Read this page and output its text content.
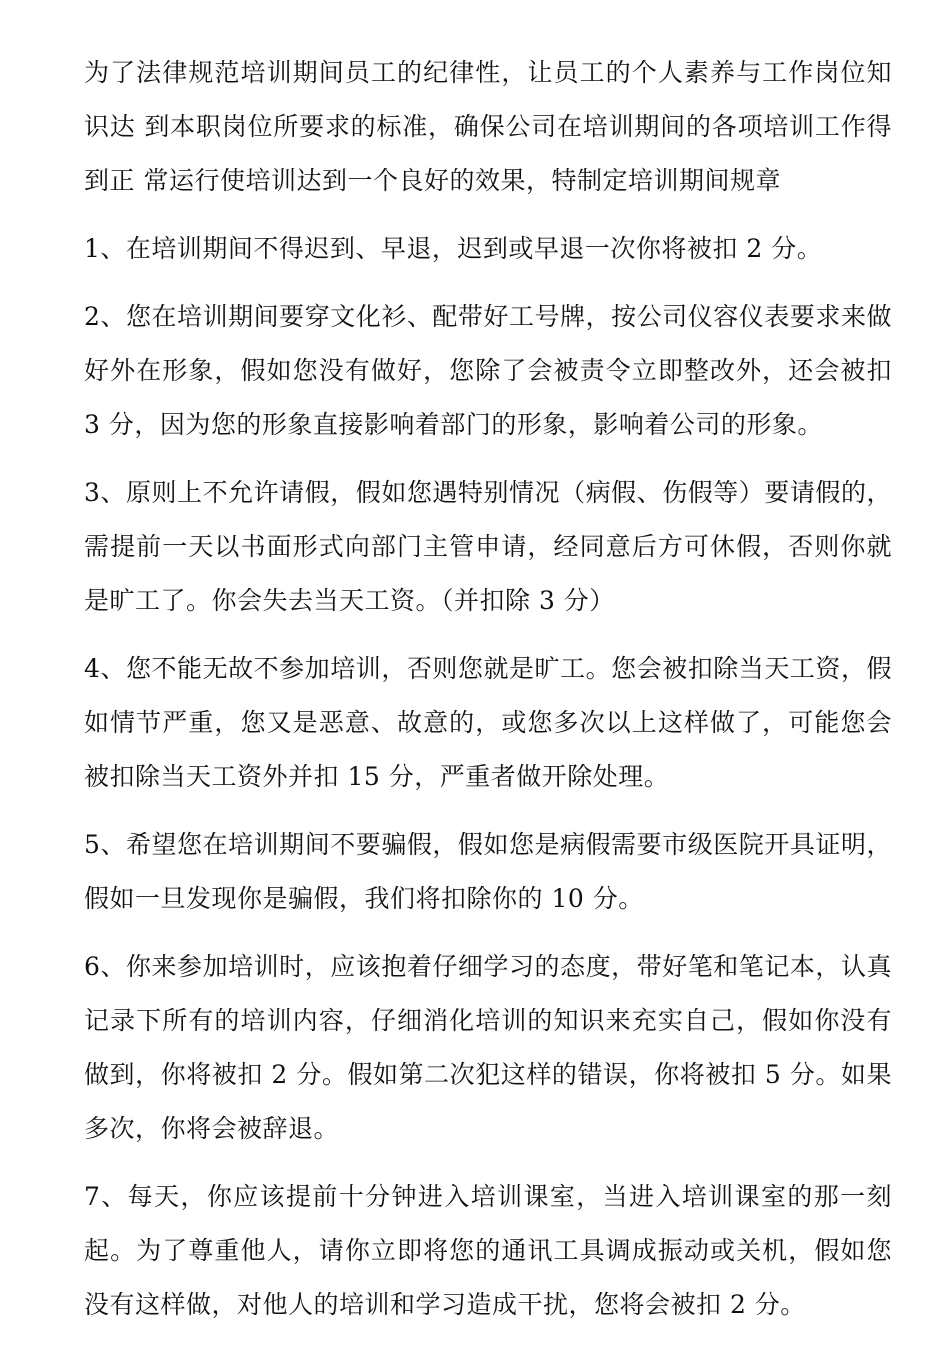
为了法律规范培训期间员工的纪律性，让员工的个人素养与工作岗位知识达 到本职岗位所要求的标准，确保公司在培训期间的各项培训工作得到正 常运行使培训达到一个良好的效果，特制定培训期间规章

1、在培训期间不得迟到、早退，迟到或早退一次你将被扣 2 分。

2、您在培训期间要穿文化衫、配带好工号牌，按公司仪容仪表要求来做好外在形象，假如您没有做好，您除了会被责令立即整改外，还会被扣 3 分，因为您的形象直接影响着部门的形象，影响着公司的形象。

3、原则上不允许请假，假如您遇特别情况（病假、伤假等）要请假的，需提前一天以书面形式向部门主管申请，经同意后方可休假，否则你就是旷工了。你会失去当天工资。（并扣除 3 分）

4、您不能无故不参加培训，否则您就是旷工。您会被扣除当天工资，假如情节严重，您又是恶意、故意的，或您多次以上这样做了，可能您会被扣除当天工资外并扣 15 分，严重者做开除处理。

5、希望您在培训期间不要骗假，假如您是病假需要市级医院开具证明，假如一旦发现你是骗假，我们将扣除你的 10 分。

6、你来参加培训时，应该抱着仔细学习的态度，带好笔和笔记本，认真记录下所有的培训内容，仔细消化培训的知识来充实自己，假如你没有做到，你将被扣 2 分。假如第二次犯这样的错误，你将被扣 5 分。如果多次，你将会被辞退。

7、每天，你应该提前十分钟进入培训课室，当进入培训课室的那一刻起。为了尊重他人，请你立即将您的通讯工具调成振动或关机，假如您没有这样做，对他人的培训和学习造成干扰，您将会被扣 2 分。
